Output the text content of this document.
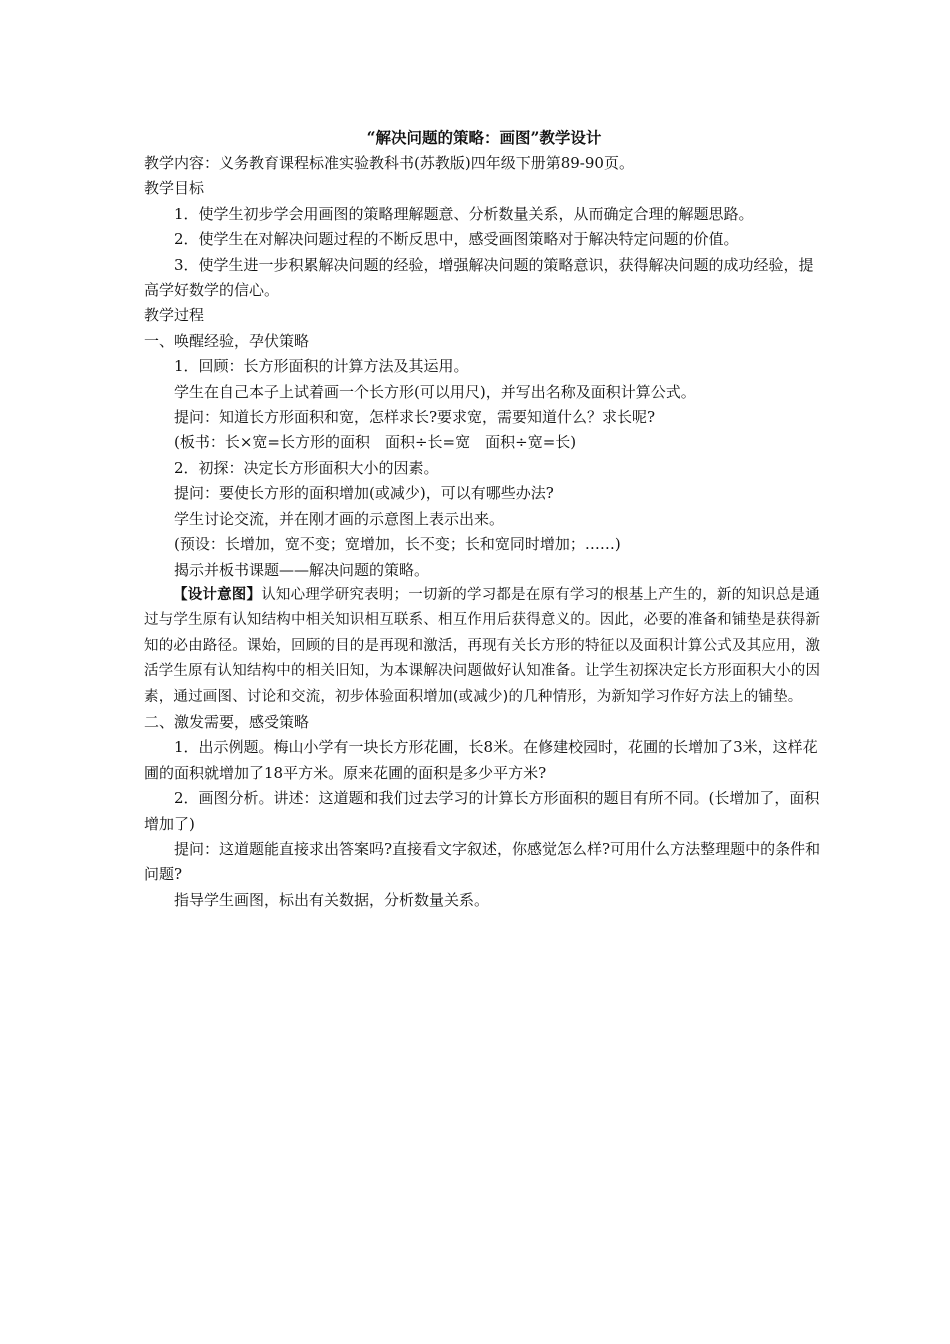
“解决问题的策略：画图”教学设计

教学内容：义务教育课程标准实验教科书(苏教版)四年级下册第89-90页。

教学目标

1．使学生初步学会用画图的策略理解题意、分析数量关系，从而确定合理的解题思路。

2．使学生在对解决问题过程的不断反思中，感受画图策略对于解决特定问题的价值。

3．使学生进一步积累解决问题的经验，增强解决问题的策略意识，获得解决问题的成功经验，提高学好数学的信心。

教学过程

一、唤醒经验，孕伏策略

1．回顾：长方形面积的计算方法及其运用。

学生在自己本子上试着画一个长方形(可以用尺)，并写出名称及面积计算公式。

提问：知道长方形面积和宽，怎样求长?要求宽，需要知道什么？求长呢?

(板书：长×宽=长方形的面积　面积÷长=宽　面积÷宽=长)

2．初探：决定长方形面积大小的因素。

提问：要使长方形的面积增加(或减少)，可以有哪些办法?

学生讨论交流，并在刚才画的示意图上表示出来。

(预设：长增加，宽不变；宽增加，长不变；长和宽同时增加；……)

揭示并板书课题——解决问题的策略。

【设计意图】认知心理学研究表明；一切新的学习都是在原有学习的根基上产生的，新的知识总是通过与学生原有认知结构中相关知识相互联系、相互作用后获得意义的。因此，必要的准备和铺垫是获得新知的必由路径。课始，回顾的目的是再现和激活，再现有关长方形的特征以及面积计算公式及其应用，激活学生原有认知结构中的相关旧知，为本课解决问题做好认知准备。让学生初探决定长方形面积大小的因素，通过画图、讨论和交流，初步体验面积增加(或减少)的几种情形，为新知学习作好方法上的铺垫。

二、激发需要，感受策略

1．出示例题。梅山小学有一块长方形花圃，长8米。在修建校园时，花圃的长增加了3米，这样花圃的面积就增加了18平方米。原来花圃的面积是多少平方米?

2．画图分析。讲述：这道题和我们过去学习的计算长方形面积的题目有所不同。(长增加了，面积增加了)

提问：这道题能直接求出答案吗?直接看文字叙述，你感觉怎么样?可用什么方法整理题中的条件和问题?

指导学生画图，标出有关数据，分析数量关系。
